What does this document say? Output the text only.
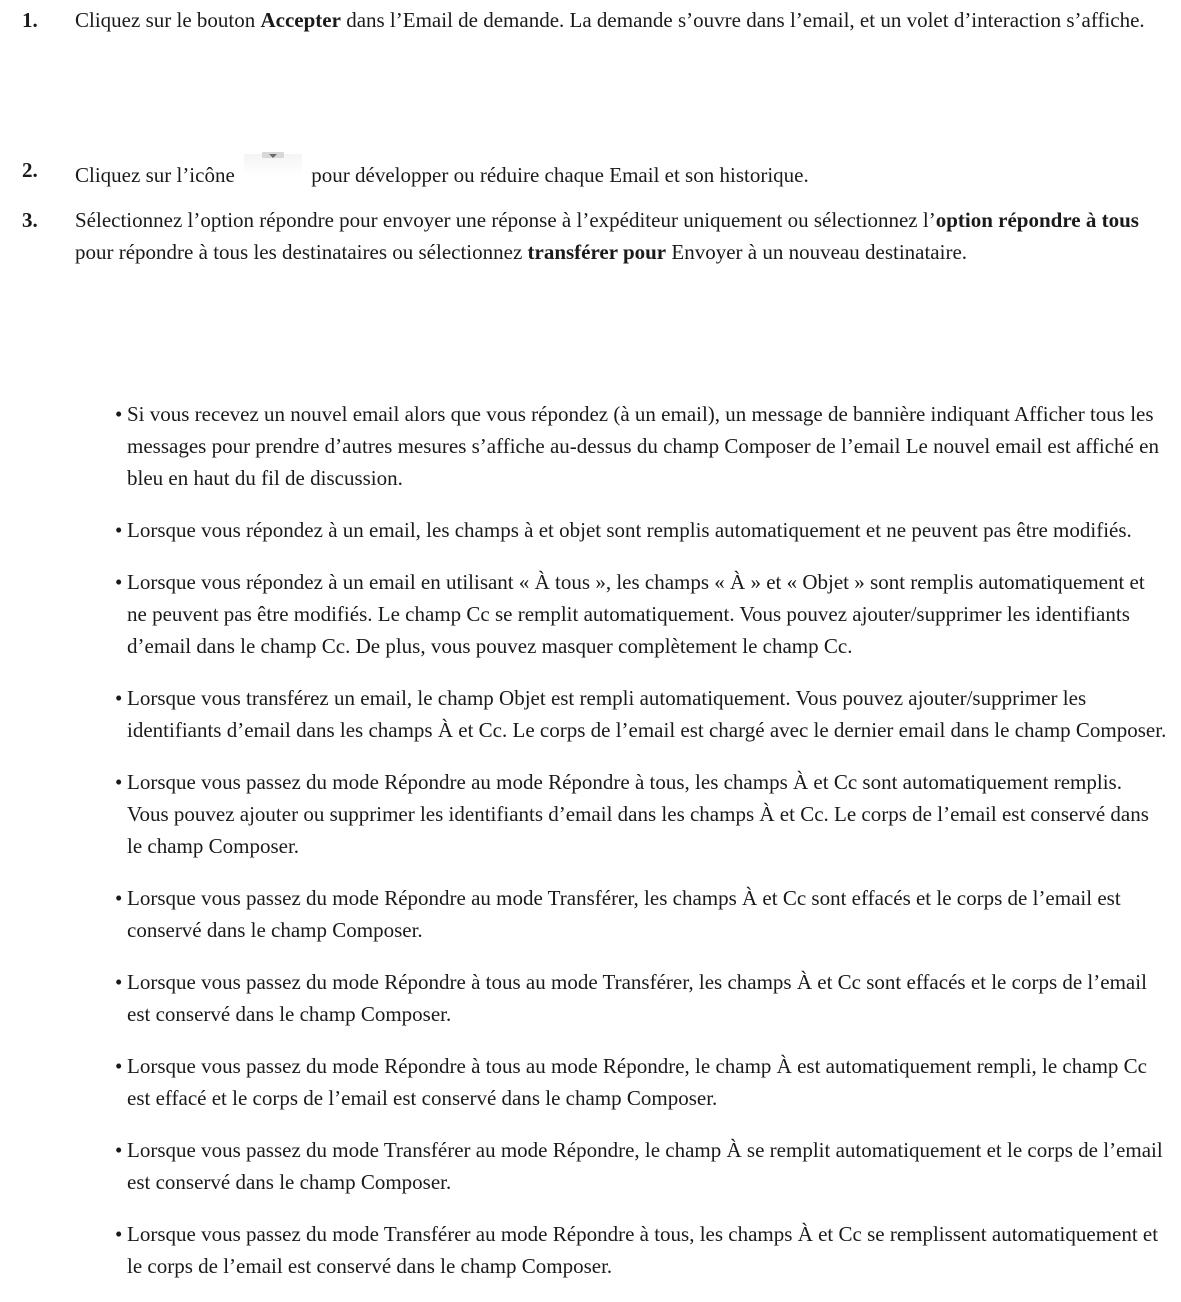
1.	Cliquez sur le bouton Accepter dans l’Email de demande. La demande s’ouvre dans l’email, et un volet d’interaction s’affiche.
2.	Cliquez sur l’icône	pour développer ou réduire chaque Email et son historique.
3.	Sélectionnez l’option répondre pour envoyer une réponse à l’expéditeur uniquement ou sélectionnez l’option répondre à tous pour répondre à tous les destinataires ou sélectionnez transférer pour Envoyer à un nouveau destinataire.
• Si vous recevez un nouvel email alors que vous répondez (à un email), un message de bannière indiquant Afficher tous les messages pour prendre d’autres mesures s’affiche au-dessus du champ Composer de l’email Le nouvel email est affiché en bleu en haut du fil de discussion.
• Lorsque vous répondez à un email, les champs à et objet sont remplis automatiquement et ne peuvent pas être modifiés.
• Lorsque vous répondez à un email en utilisant « À tous », les champs « À » et « Objet » sont remplis automatiquement et ne peuvent pas être modifiés. Le champ Cc se remplit automatiquement. Vous pouvez ajouter/supprimer les identifiants d’email dans le champ Cc. De plus, vous pouvez masquer complètement le champ Cc.
• Lorsque vous transférez un email, le champ Objet est rempli automatiquement. Vous pouvez ajouter/supprimer les identifiants d’email dans les champs À et Cc. Le corps de l’email est chargé avec le dernier email dans le champ Composer.
• Lorsque vous passez du mode Répondre au mode Répondre à tous, les champs À et Cc sont automatiquement remplis. Vous pouvez ajouter ou supprimer les identifiants d’email dans les champs À et Cc. Le corps de l’email est conservé dans le champ Composer.
• Lorsque vous passez du mode Répondre au mode Transférer, les champs À et Cc sont effacés et le corps de l’email est conservé dans le champ Composer.
• Lorsque vous passez du mode Répondre à tous au mode Transférer, les champs À et Cc sont effacés et le corps de l’email est conservé dans le champ Composer.
• Lorsque vous passez du mode Répondre à tous au mode Répondre, le champ À est automatiquement rempli, le champ Cc est effacé et le corps de l’email est conservé dans le champ Composer.
• Lorsque vous passez du mode Transférer au mode Répondre, le champ À se remplit automatiquement et le corps de l’email est conservé dans le champ Composer.
• Lorsque vous passez du mode Transférer au mode Répondre à tous, les champs À et Cc se remplissent automatiquement et le corps de l’email est conservé dans le champ Composer.
